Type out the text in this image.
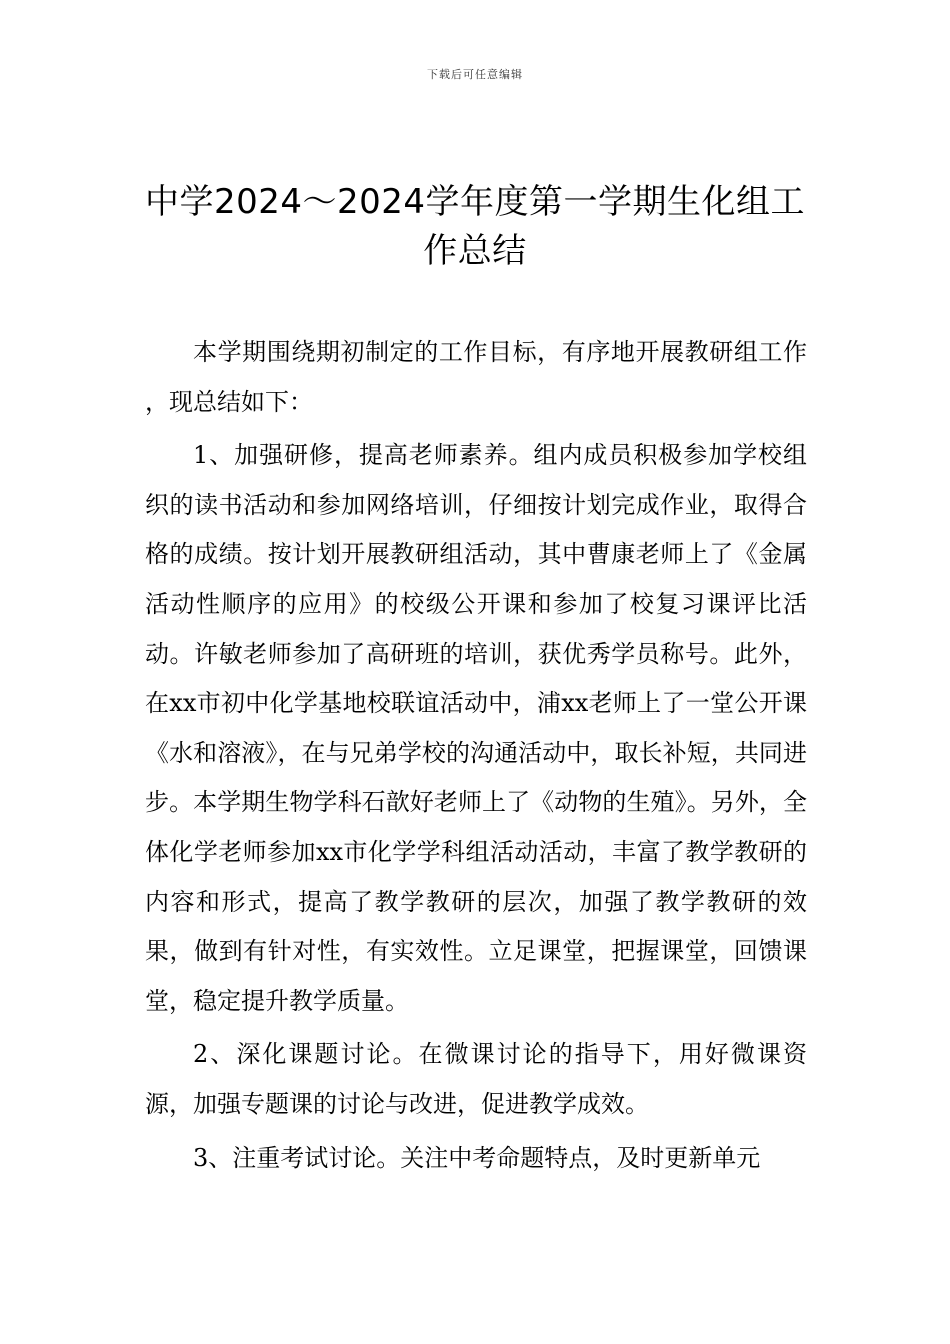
下载后可任意编辑
中学2024～2024学年度第一学期生化组工作总结

本学期围绕期初制定的工作目标，有序地开展教研组工作 ，现总结如下：

1、加强研修，提高老师素养。组内成员积极参加学校组织的读书活动和参加网络培训，仔细按计划完成作业，取得合格的成绩。按计划开展教研组活动，其中曹康老师上了《金属活动性顺序的应用》的校级公开课和参加了校复习课评比活动。许敏老师参加了高研班的培训，获优秀学员称号。此外，在xx市初中化学基地校联谊活动中，浦xx老师上了一堂公开课《水和溶液》，在与兄弟学校的沟通活动中，取长补短，共同进步。本学期生物学科石歆好老师上了《动物的生殖》。另外，全体化学老师参加xx市化学学科组活动活动，丰富了教学教研的内容和形式，提高了教学教研的层次，加强了教学教研的效果，做到有针对性，有实效性。立足课堂，把握课堂，回馈课堂，稳定提升教学质量。

2、深化课题讨论。在微课讨论的指导下，用好微课资源，加强专题课的讨论与改进，促进教学成效。

3、注重考试讨论。关注中考命题特点，及时更新单元
